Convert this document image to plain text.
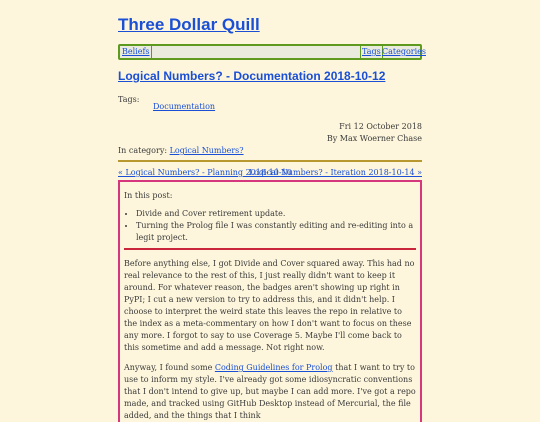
Three Dollar Quill
Beliefs	Tags Categories
Logical Numbers? - Documentation 2018-10-12
Tags:
Documentation
Fri 12 October 2018
By Max Woerner Chase
In category: Logical Numbers?
« Logical Numbers? - Planning 2018-10-10
Logical Numbers? - Iteration 2018-10-14 »

In this post:

• Divide and Cover retirement update.
• Turning the Prolog file I was constantly editing and re-editing into a legit project.

Before anything else, I got Divide and Cover squared away. This had no real relevance to the rest of this, I just really didn't want to keep it around. For whatever reason, the badges aren't showing up right in PyPI; I cut a new version to try to address this, and it didn't help. I choose to interpret the weird state this leaves the repo in relative to the index as a meta-commentary on how I don't want to focus on these any more. I forgot to say to use Coverage 5. Maybe I'll come back to this sometime and add a message. Not right now.

Anyway, I found some Coding Guidelines for Prolog that I want to try to use to inform my style. I've already got some idiosyncratic conventions that I don't intend to give up, but maybe I can add more. I've got a repo made, and tracked using GitHub Desktop instead of Mercurial, the file added, and the things that I think
